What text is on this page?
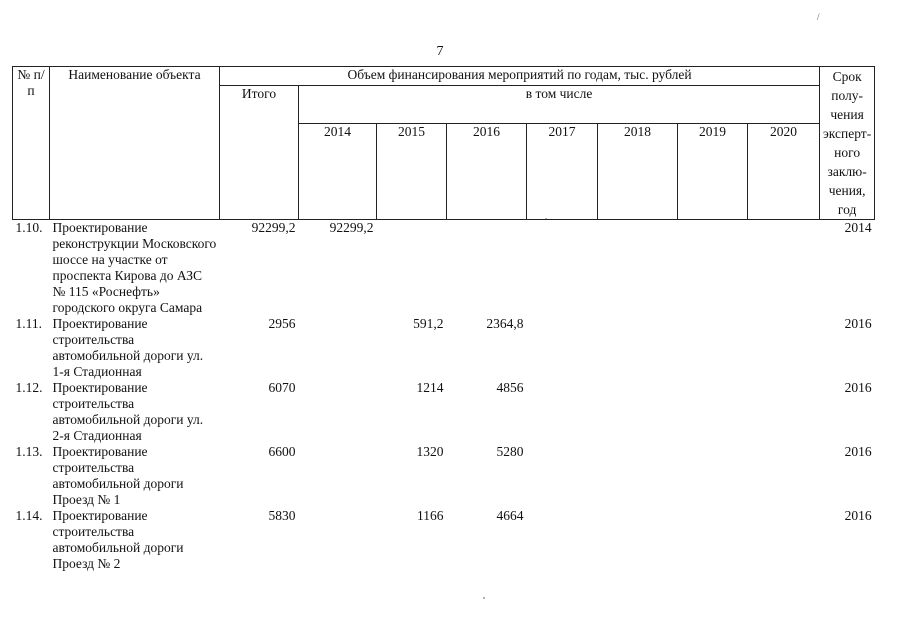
/
7
№ п/п	Наименование объекта	Объем финансирования мероприятий по годам, тыс. рублей								Срок полу-чения эксперт-ного заклю-чения, год
		Итого	в том числе							
			2014	2015	2016	2017	2018	2019	2020	
1.10.	Проектирование реконструкции Московского шоссе на участке от проспекта Кирова до АЗС № 115 «Роснефть» городского округа Самара	92299,2	92299,2							2014
1.11.	Проектирование строительства автомобильной дороги ул. 1-я Стадионная	2956		591,2	2364,8					2016
1.12.	Проектирование строительства автомобильной дороги ул. 2-я Стадионная	6070		1214	4856					2016
1.13.	Проектирование строительства автомобильной дороги Проезд № 1	6600		1320	5280					2016
1.14.	Проектирование строительства автомобильной дороги Проезд № 2	5830		1166	4664					2016
